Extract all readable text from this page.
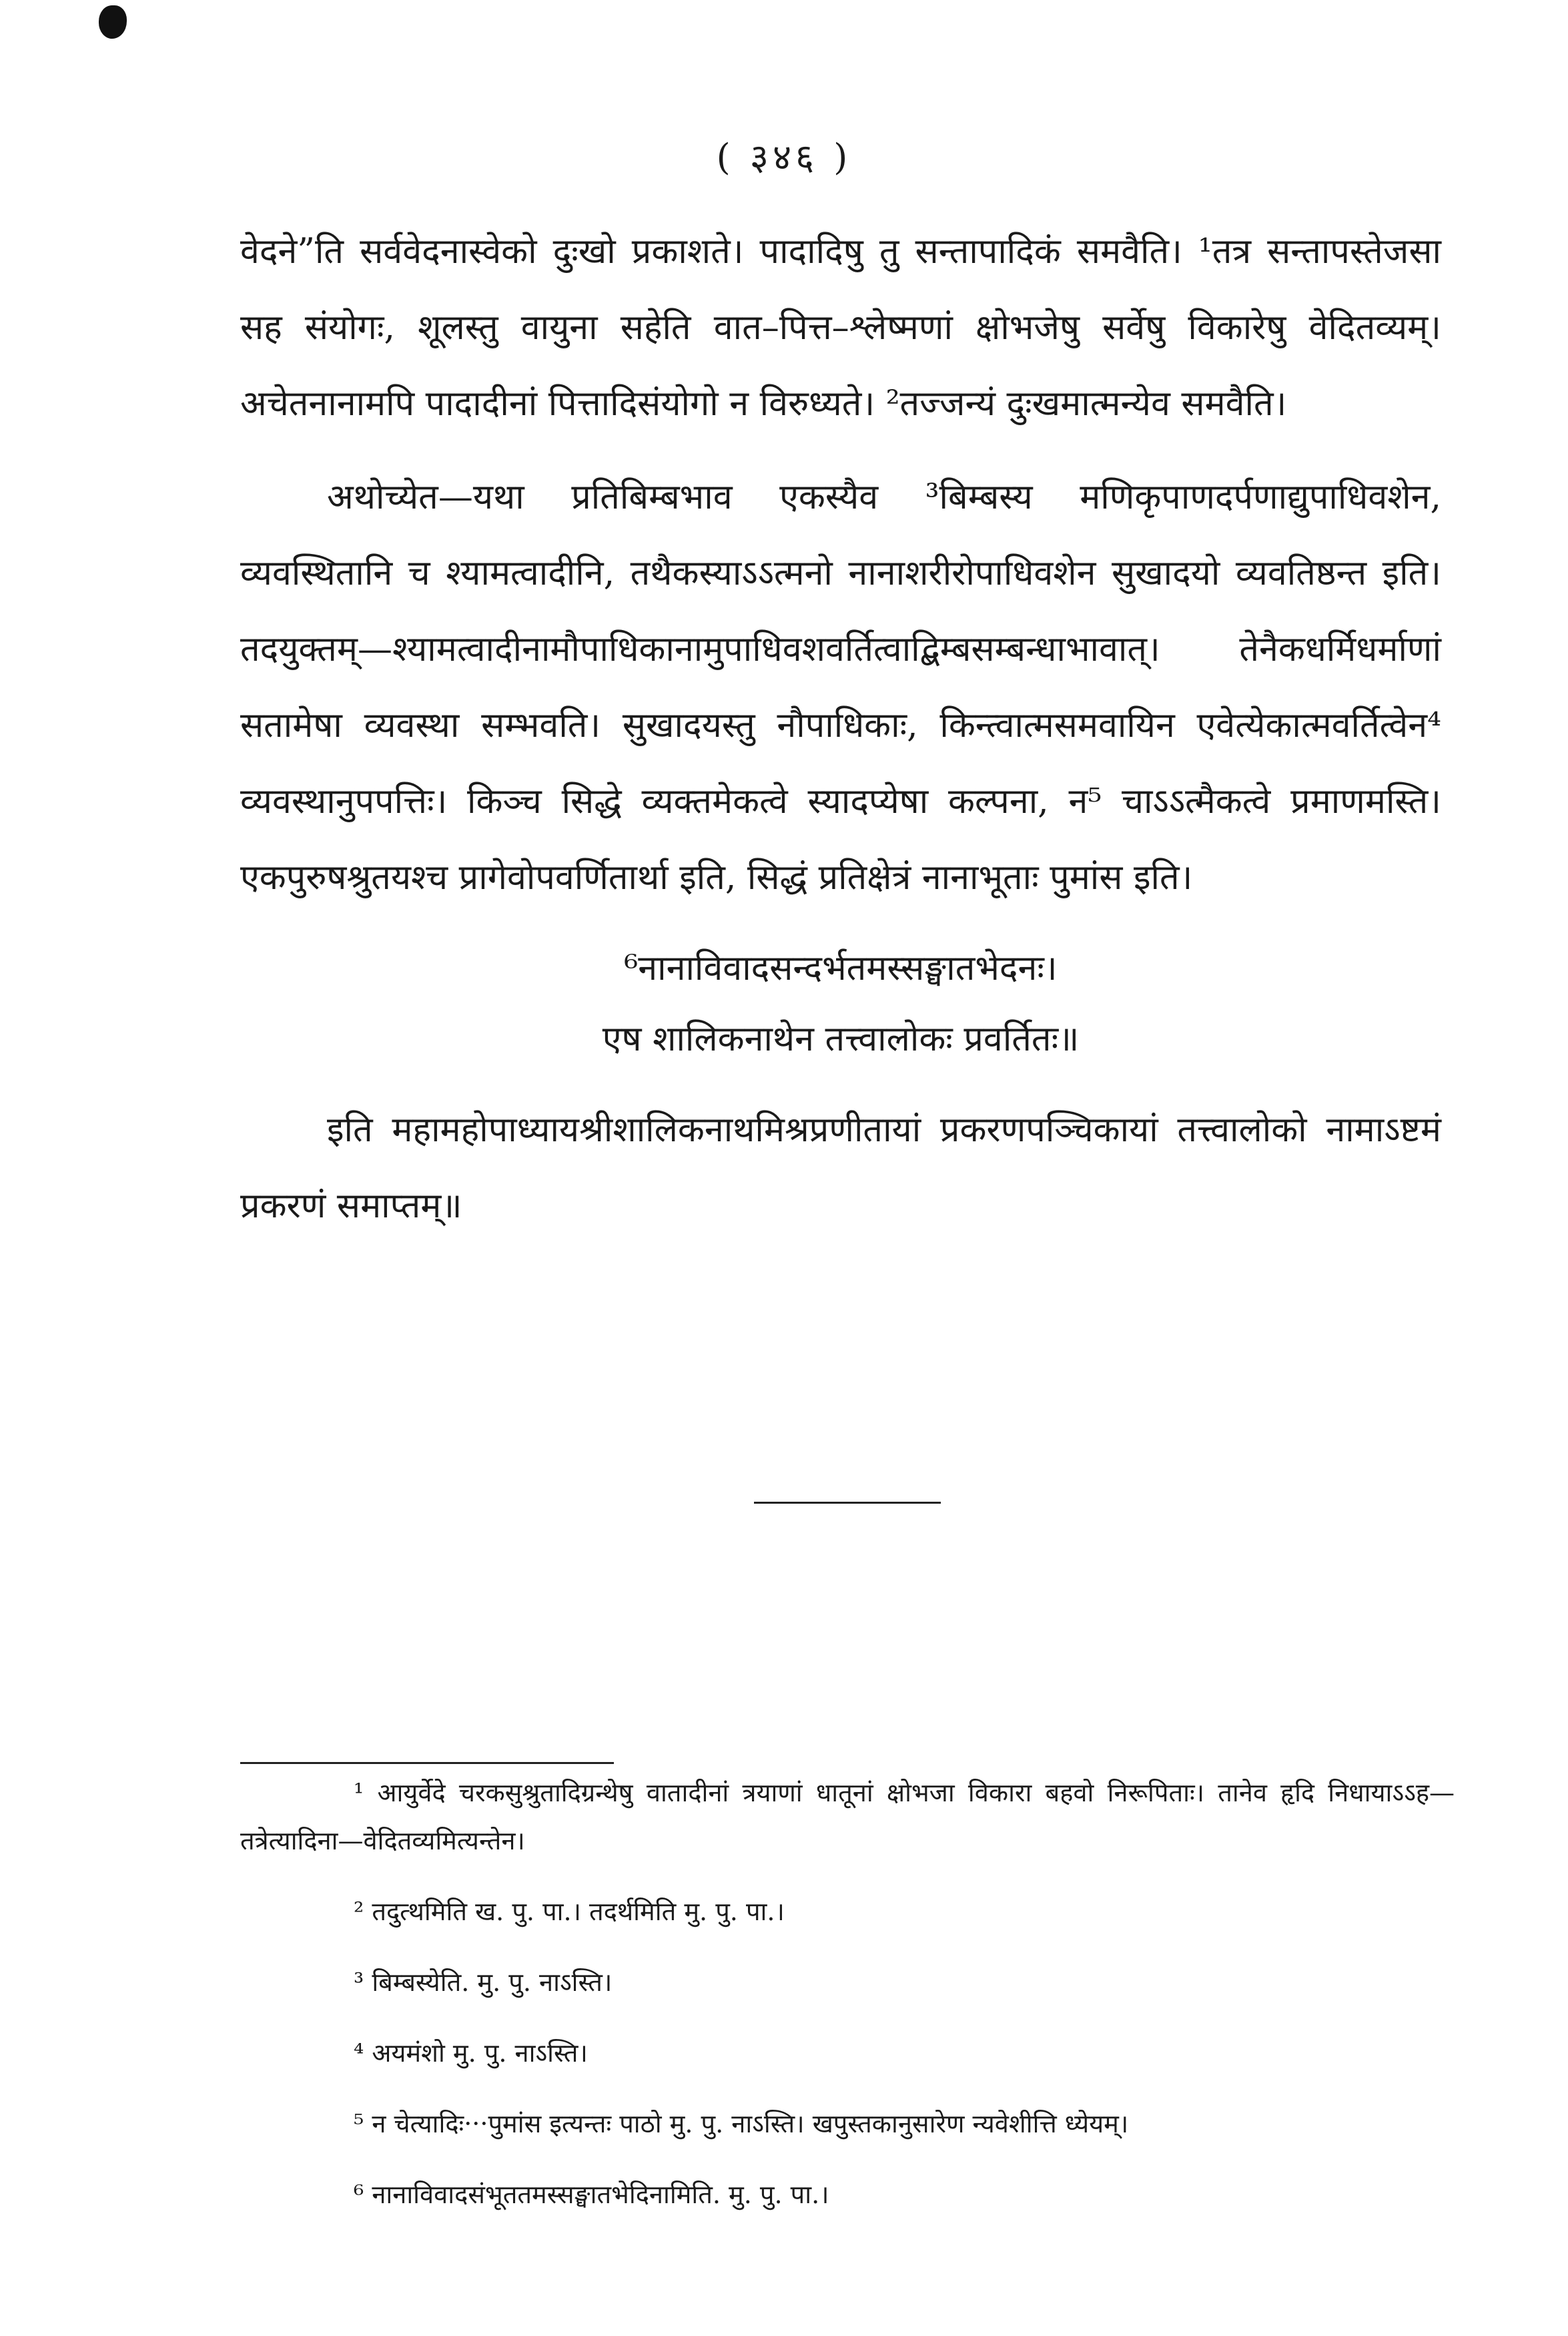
( ३४६ )

वेदने”ति सर्ववेदनास्वेको दुःखो प्रकाशते। पादादिषु तु सन्तापादिकं समवैति। ¹तत्र सन्तापस्तेजसा सह संयोगः, शूलस्तु वायुना सहेति वात–पित्त–श्लेष्मणां क्षोभजेषु सर्वेषु विकारेषु वेदितव्यम्। अचेतनानामपि पादादीनां पित्तादिसंयोगो न विरुध्यते। ²तज्जन्यं दुःखमात्मन्येव समवैति।

अथोच्येत—यथा प्रतिबिम्बभाव एकस्यैव ³बिम्बस्य मणिकृपाणदर्पणाद्युपाधिवशेन, व्यवस्थितानि च श्यामत्वादीनि, तथैकस्याऽऽत्मनो नानाशरीरोपाधिवशेन सुखादयो व्यवतिष्ठन्त इति। तदयुक्तम्—श्यामत्वादीनामौपाधिकानामुपाधिवशवर्तित्वाद्बिम्बसम्बन्धाभावात्। तेनैकधर्मिधर्माणां सतामेषा व्यवस्था सम्भवति। सुखादयस्तु नौपाधिकाः, किन्त्वात्मसमवायिन एवेत्येकात्मवर्तित्वेन⁴ व्यवस्थानुपपत्तिः। किञ्च सिद्धे व्यक्तमेकत्वे स्यादप्येषा कल्पना, न⁵ चाऽऽत्मैकत्वे प्रमाणमस्ति। एकपुरुषश्रुतयश्च प्रागेवोपवर्णितार्था इति, सिद्धं प्रतिक्षेत्रं नानाभूताः पुमांस इति।

⁶नानाविवादसन्दर्भतमस्सङ्घातभेदनः।
एष शालिकनाथेन तत्त्वालोकः प्रवर्तितः॥

इति महामहोपाध्यायश्रीशालिकनाथमिश्रप्रणीतायां प्रकरणपञ्चिकायां तत्त्वालोको नामाऽष्टमं प्रकरणं समाप्तम्॥

¹ आयुर्वेदे चरकसुश्रुतादिग्रन्थेषु वातादीनां त्रयाणां धातूनां क्षोभजा विकारा बहवो निरूपिताः। तानेव हृदि निधायाऽऽह—तत्रेत्यादिना—वेदितव्यमित्यन्तेन।

² तदुत्थमिति ख. पु. पा.। तदर्थमिति मु. पु. पा.।

³ बिम्बस्येति. मु. पु. नाऽस्ति।

⁴ अयमंशो मु. पु. नाऽस्ति।

⁵ न चेत्यादिः···पुमांस इत्यन्तः पाठो मु. पु. नाऽस्ति। खपुस्तकानुसारेण न्यवेशीत्ति ध्येयम्।

⁶ नानाविवादसंभूततमस्सङ्घातभेदिनामिति. मु. पु. पा.।
